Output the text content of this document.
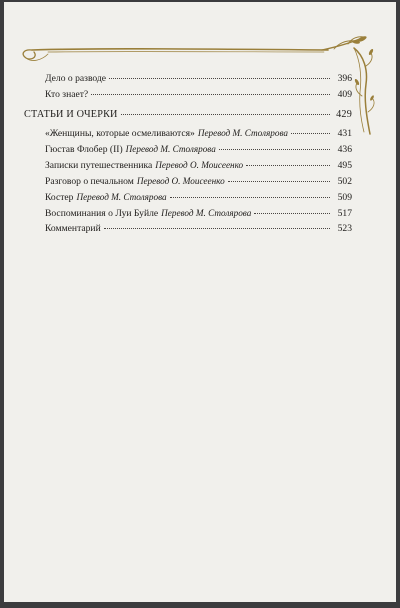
Дело о разводе	396
Кто знает?	409
СТАТЬИ И ОЧЕРКИ	429
«Женщины, которые осмеливаются» Перевод М. Столярова	431
Гюстав Флобер (II) Перевод М. Столярова	436
Записки путешественника Перевод О. Моисеенко	495
Разговор о печальном Перевод О. Моисеенко	502
Костер Перевод М. Столярова	509
Воспоминания о Луи Буйле Перевод М. Столярова	517
Комментарий	523
